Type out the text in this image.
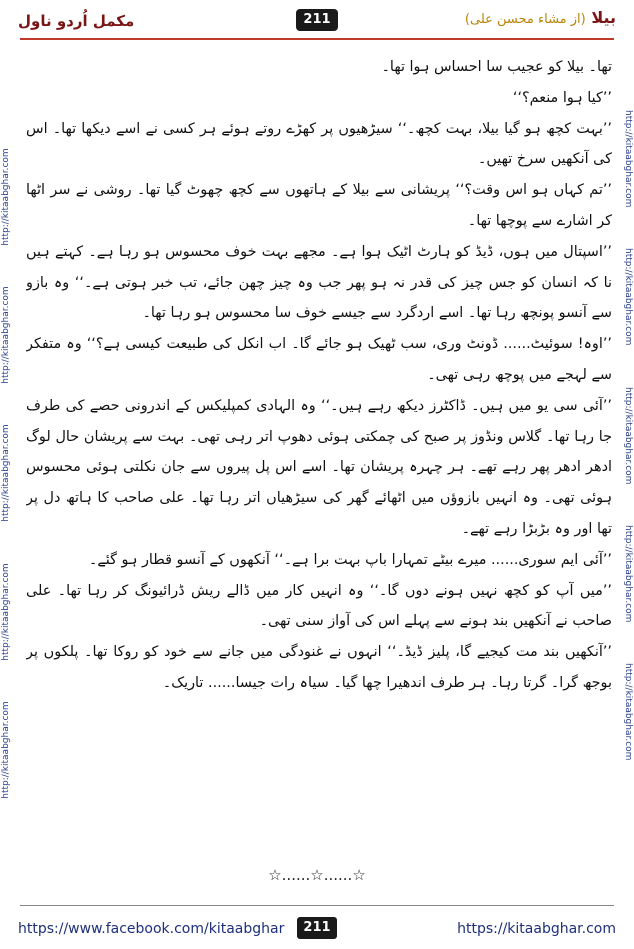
مکمل اُردو ناول	211	بیلا (از مشاء محسن علی)
http://kitaabghar.com http://kitaabghar.com http://kitaabghar.com http://kitaabghar.com http://kitaabghar.com	http://kitaabghar.com http://kitaabghar.com http://kitaabghar.com http://kitaabghar.com http://kitaabghar.com

تھا۔ بیلا کو عجیب سا احساس ہوا تھا۔

’’کیا ہوا منعم؟‘‘

’’بہت کچھ ہو گیا بیلا، بہت کچھ۔‘‘ سیڑھیوں پر کھڑے روتے ہوئے ہر کسی نے اسے دیکھا تھا۔ اس کی آنکھیں سرخ تھیں۔

’’تم کہاں ہو اس وقت؟‘‘ پریشانی سے بیلا کے ہاتھوں سے کچھ چھوٹ گیا تھا۔ روشی نے سر اٹھا کر اشارے سے پوچھا تھا۔

’’اسپتال میں ہوں، ڈیڈ کو ہارٹ اٹیک ہوا ہے۔ مجھے بہت خوف محسوس ہو رہا ہے۔ کہتے ہیں نا کہ انسان کو جس چیز کی قدر نہ ہو پھر جب وہ چیز چھن جائے، تب خبر ہوتی ہے۔‘‘ وہ بازو سے آنسو پونچھ رہا تھا۔ اسے اردگرد سے جیسے خوف سا محسوس ہو رہا تھا۔

’’اوہ! سوئیٹ...... ڈونٹ وری، سب ٹھیک ہو جائے گا۔ اب انکل کی طبیعت کیسی ہے؟‘‘ وہ متفکر سے لہجے میں پوچھ رہی تھی۔

’’آئی سی یو میں ہیں۔ ڈاکٹرز دیکھ رہے ہیں۔‘‘ وہ الہادی کمپلیکس کے اندرونی حصے کی طرف جا رہا تھا۔ گلاس ونڈوز پر صبح کی چمکتی ہوئی دھوپ اتر رہی تھی۔ بہت سے پریشان حال لوگ ادھر ادھر پھر رہے تھے۔ ہر چہرہ پریشان تھا۔ اسے اس پل پیروں سے جان نکلتی ہوئی محسوس ہوئی تھی۔ وہ انہیں بازوؤں میں اٹھائے گھر کی سیڑھیاں اتر رہا تھا۔ علی صاحب کا ہاتھ دل پر تھا اور وہ بڑبڑا رہے تھے۔

’’آئی ایم سوری...... میرے بیٹے تمہارا باپ بہت برا ہے۔‘‘ آنکھوں کے آنسو قطار ہو گئے۔

’’میں آپ کو کچھ نہیں ہونے دوں گا۔‘‘ وہ انہیں کار میں ڈالے ریش ڈرائیونگ کر رہا تھا۔ علی صاحب نے آنکھیں بند ہونے سے پہلے اس کی آواز سنی تھی۔

’’آنکھیں بند مت کیجیے گا، پلیز ڈیڈ۔‘‘ انہوں نے غنودگی میں جانے سے خود کو روکا تھا۔ پلکوں پر بوجھ گرا۔ گرتا رہا۔ ہر طرف اندھیرا چھا گیا۔ سیاہ رات جیسا...... تاریک۔

☆......☆......☆
https://www.facebook.com/kitaabghar	211	https://kitaabghar.com
